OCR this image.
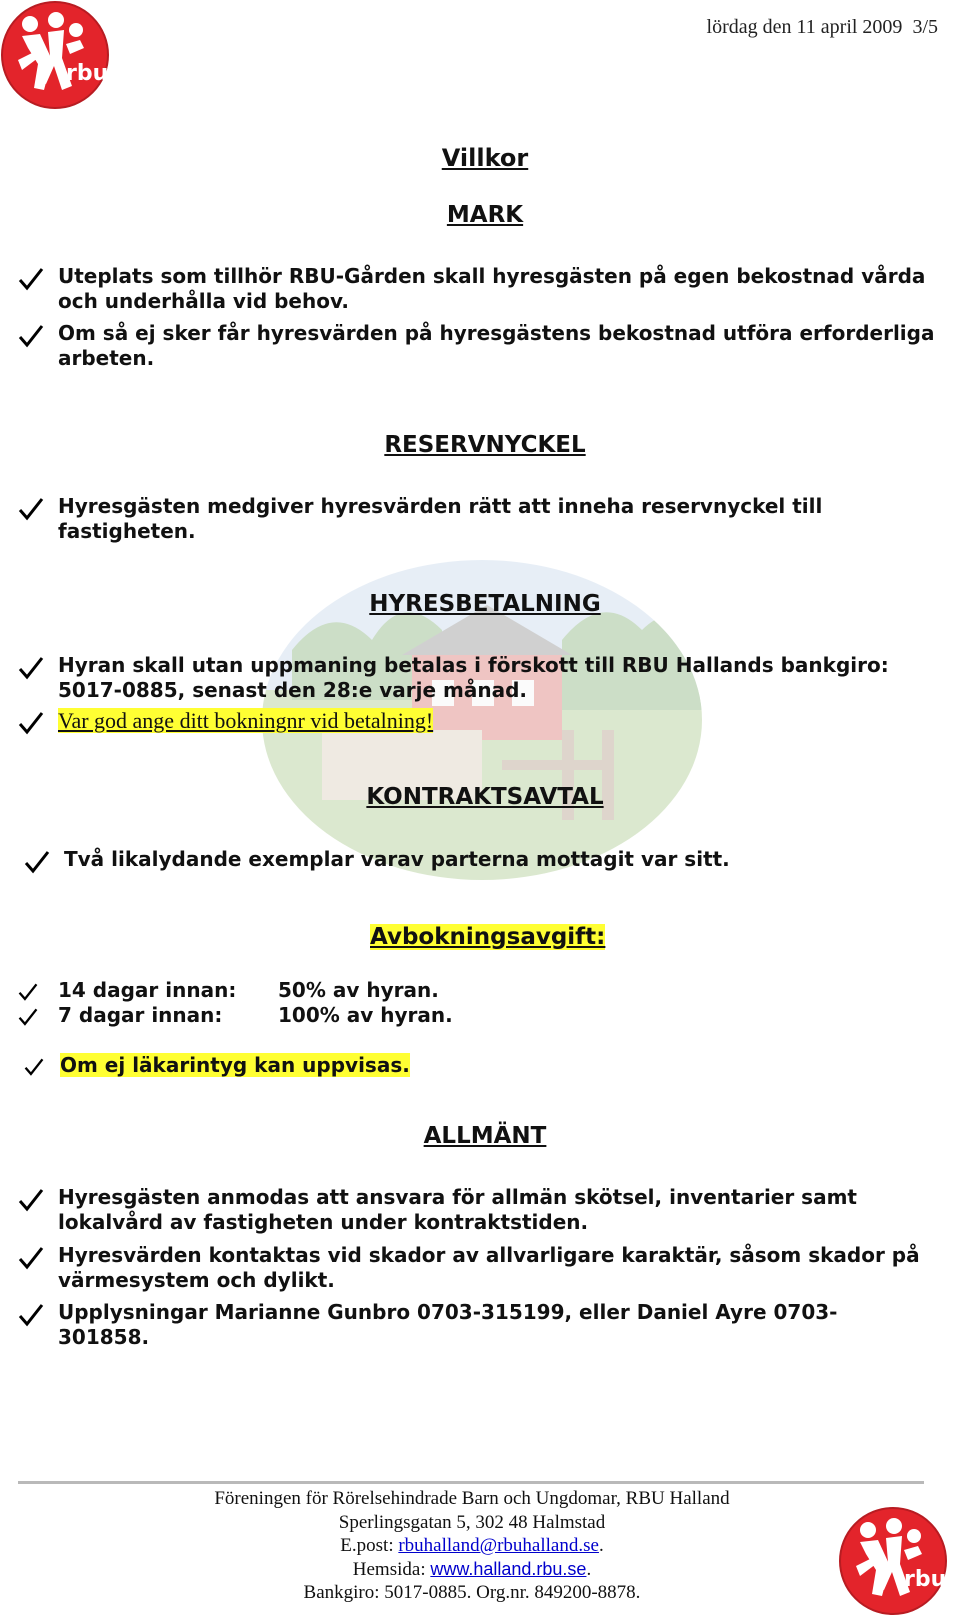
rbu
lördag den 11 april 2009 3/5
Villkor
MARK
Uteplats som tillhör RBU-Gården skall hyresgästen på egen bekostnad vårda och underhålla vid behov.
Om så ej sker får hyresvärden på hyresgästens bekostnad utföra erforderliga arbeten.
RESERVNYCKEL
Hyresgästen medgiver hyresvärden rätt att inneha reservnyckel till fastigheten.
HYRESBETALNING
Hyran skall utan uppmaning betalas i förskott till RBU Hallands bankgiro: 5017-0885, senast den 28:e varje månad.
Var god ange ditt bokningnr vid betalning!
KONTRAKTSAVTAL
Två likalydande exemplar varav parterna mottagit var sitt.
Avbokningsavgift:
14 dagar innan: 50% av hyran.
7 dagar innan:	100% av hyran.
Om ej läkarintyg kan uppvisas.
ALLMÄNT
Hyresgästen anmodas att ansvara för allmän skötsel, inventarier samt lokalvård av fastigheten under kontraktstiden.
Hyresvärden kontaktas vid skador av allvarligare karaktär, såsom skador på värmesystem och dylikt.
Upplysningar Marianne Gunbro 0703-315199, eller Daniel Ayre 0703-301858.
Föreningen för Rörelsehindrade Barn och Ungdomar, RBU Halland
Sperlingsgatan 5, 302 48 Halmstad
E.post: rbuhalland@rbuhalland.se.
Hemsida: www.halland.rbu.se.
Bankgiro: 5017-0885. Org.nr. 849200-8878.
rbu
